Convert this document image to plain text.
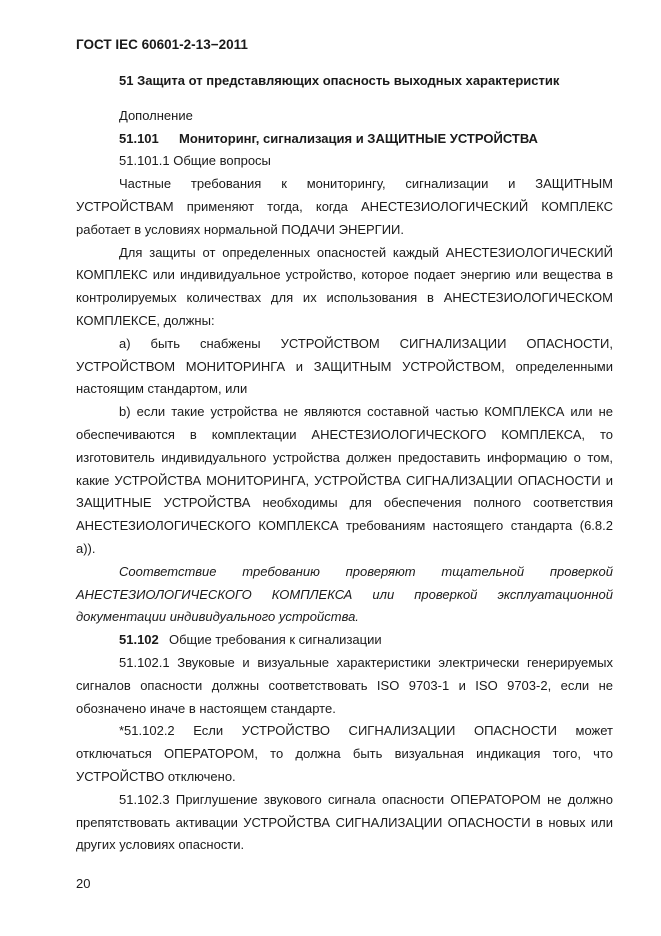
ГОСТ IEC 60601-2-13−2011

51 Защита от представляющих опасность выходных характеристик

Дополнение

51.101 Мониторинг, сигнализация и ЗАЩИТНЫЕ УСТРОЙСТВА

51.101.1 Общие вопросы

Частные требования к мониторингу, сигнализации и ЗАЩИТНЫМ УСТРОЙСТВАМ применяют тогда, когда АНЕСТЕЗИОЛОГИЧЕСКИЙ КОМПЛЕКС работает в условиях нормальной ПОДАЧИ ЭНЕРГИИ.

Для защиты от определенных опасностей каждый АНЕСТЕЗИОЛОГИЧЕСКИЙ КОМПЛЕКС или индивидуальное устройство, которое подает энергию или вещества в контролируемых количествах для их использования в АНЕСТЕЗИОЛОГИЧЕСКОМ КОМПЛЕКСЕ, должны:

a) быть снабжены УСТРОЙСТВОМ СИГНАЛИЗАЦИИ ОПАСНОСТИ, УСТРОЙСТВОМ МОНИТОРИНГА и ЗАЩИТНЫМ УСТРОЙСТВОМ, определенными настоящим стандартом, или

b) если такие устройства не являются составной частью КОМПЛЕКСА или не обеспечиваются в комплектации АНЕСТЕЗИОЛОГИЧЕСКОГО КОМПЛЕКСА, то изготовитель индивидуального устройства должен предоставить информацию о том, какие УСТРОЙСТВА МОНИТОРИНГА, УСТРОЙСТВА СИГНАЛИЗАЦИИ ОПАСНОСТИ и ЗАЩИТНЫЕ УСТРОЙСТВА необходимы для обеспечения полного соответствия АНЕСТЕЗИОЛОГИЧЕСКОГО КОМПЛЕКСА требованиям настоящего стандарта (6.8.2 a)).

Соответствие требованию проверяют тщательной проверкой АНЕСТЕЗИОЛОГИЧЕСКОГО КОМПЛЕКСА или проверкой эксплуатационной документации индивидуального устройства.

51.102 Общие требования к сигнализации

51.102.1 Звуковые и визуальные характеристики электрически генерируемых сигналов опасности должны соответствовать ISO 9703-1 и ISO 9703-2, если не обозначено иначе в настоящем стандарте.

*51.102.2 Если УСТРОЙСТВО СИГНАЛИЗАЦИИ ОПАСНОСТИ может отключаться ОПЕРАТОРОМ, то должна быть визуальная индикация того, что УСТРОЙСТВО отключено.

51.102.3 Приглушение звукового сигнала опасности ОПЕРАТОРОМ не должно препятствовать активации УСТРОЙСТВА СИГНАЛИЗАЦИИ ОПАСНОСТИ в новых или других условиях опасности.

20
